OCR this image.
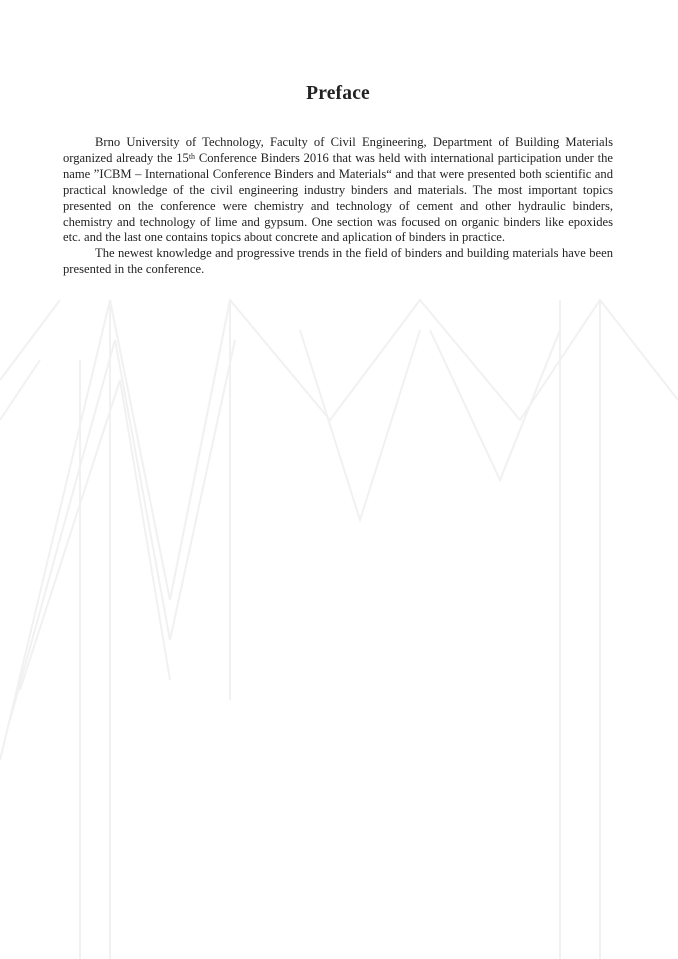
Preface

Brno University of Technology, Faculty of Civil Engineering, Department of Building Materials organized already the 15th Conference Binders 2016 that was held with international participation under the name ”ICBM – International Conference Binders and Materials“ and that were presented both scientific and practical knowledge of the civil engineering industry binders and materials. The most important topics presented on the conference were chemistry and technology of cement and other hydraulic binders, chemistry and technology of lime and gypsum. One section was focused on organic binders like epoxides etc. and the last one contains topics about concrete and aplication of binders in practice.

The newest knowledge and progressive trends in the field of binders and building materials have been presented in the conference.
